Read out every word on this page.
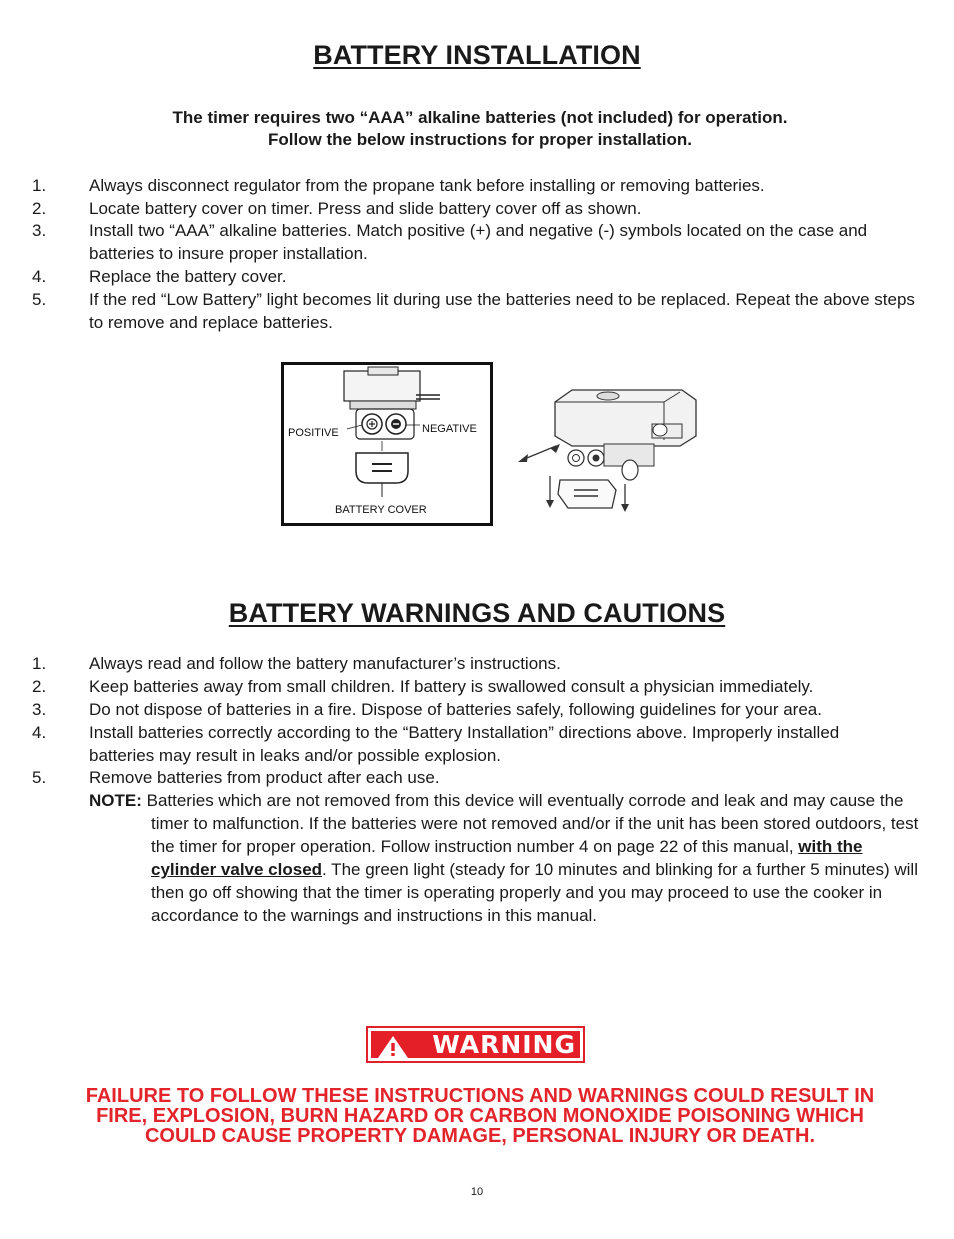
BATTERY INSTALLATION
The timer requires two “AAA” alkaline batteries (not included) for operation.
Follow the below instructions for proper installation.
1.	Always disconnect regulator from the propane tank before installing or removing batteries.
2.	Locate battery cover on timer. Press and slide battery cover off as shown.
3.	Install two “AAA” alkaline batteries. Match positive (+) and negative (-) symbols located on the case and batteries to insure proper installation.
4.	Replace the battery cover.
5.	If the red “Low Battery” light becomes lit during use the batteries need to be replaced. Repeat the above steps to remove and replace batteries.
POSITIVE	NEGATIVE
BATTERY COVER
BATTERY WARNINGS AND CAUTIONS
1.	Always read and follow the battery manufacturer’s instructions.
2.	Keep batteries away from small children. If battery is swallowed consult a physician immediately.
3.	Do not dispose of batteries in a fire. Dispose of batteries safely, following guidelines for your area.
4.	Install batteries correctly according to the “Battery Installation” directions above. Improperly installed batteries may result in leaks and/or possible explosion.
5.	Remove batteries from product after each use.
NOTE: Batteries which are not removed from this device will eventually corrode and leak and may cause the timer to malfunction. If the batteries were not removed and/or if the unit has been stored outdoors, test the timer for proper operation. Follow instruction number 4 on page 22 of this manual, with the cylinder valve closed. The green light (steady for 10 minutes and blinking for a further 5 minutes) will then go off showing that the timer is operating properly and you may proceed to use the cooker in accordance to the warnings and instructions in this manual.
WARNING
FAILURE TO FOLLOW THESE INSTRUCTIONS AND WARNINGS COULD RESULT IN
FIRE, EXPLOSION, BURN HAZARD OR CARBON MONOXIDE POISONING WHICH
COULD CAUSE PROPERTY DAMAGE, PERSONAL INJURY OR DEATH.
10
